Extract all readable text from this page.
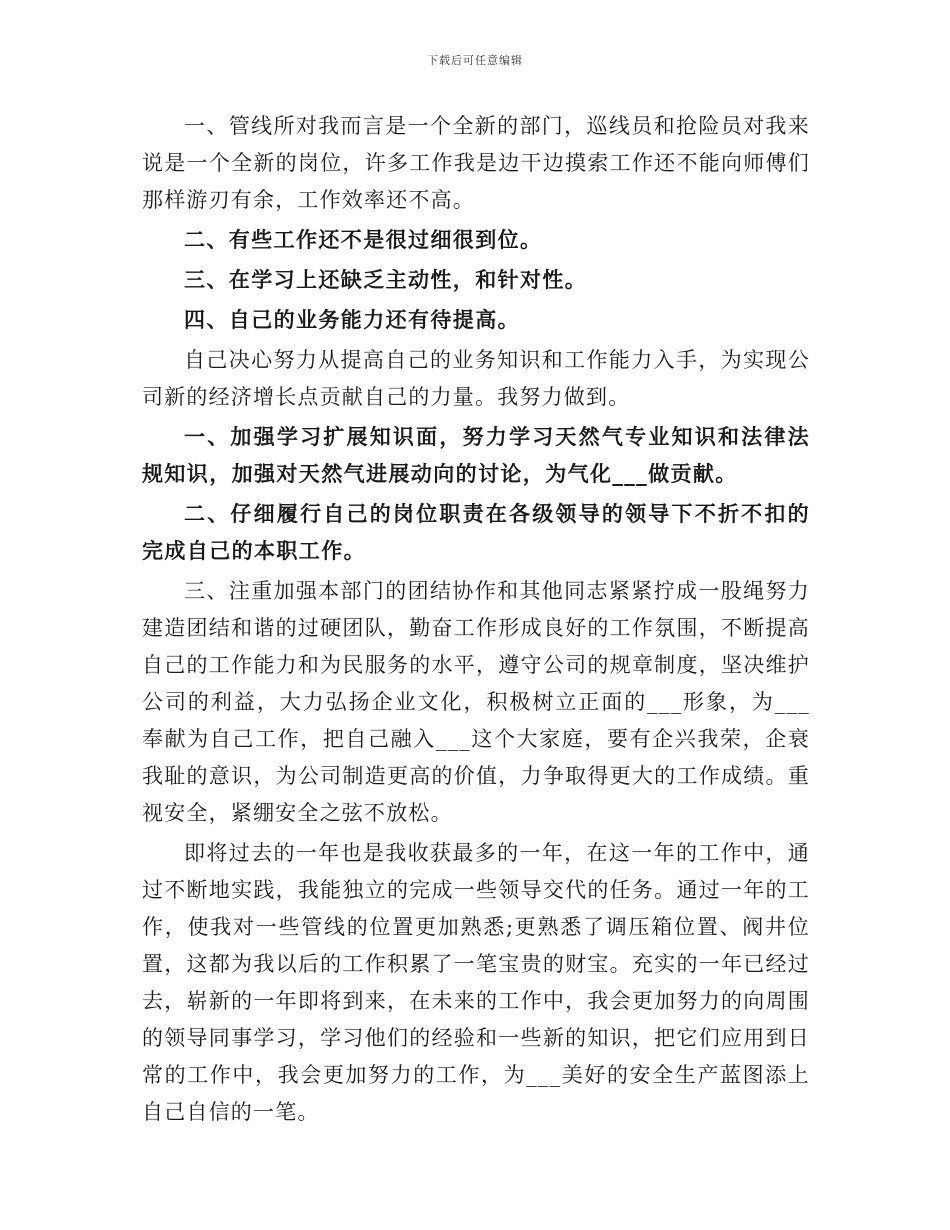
下载后可任意编辑

一、管线所对我而言是一个全新的部门，巡线员和抢险员对我来说是一个全新的岗位，许多工作我是边干边摸索工作还不能向师傅们那样游刃有余，工作效率还不高。

二、有些工作还不是很过细很到位。

三、在学习上还缺乏主动性，和针对性。

四、自己的业务能力还有待提高。

自己决心努力从提高自己的业务知识和工作能力入手，为实现公司新的经济增长点贡献自己的力量。我努力做到。

一、加强学习扩展知识面，努力学习天然气专业知识和法律法规知识，加强对天然气进展动向的讨论，为气化___做贡献。

二、仔细履行自己的岗位职责在各级领导的领导下不折不扣的完成自己的本职工作。

三、注重加强本部门的团结协作和其他同志紧紧拧成一股绳努力建造团结和谐的过硬团队，勤奋工作形成良好的工作氛围，不断提高自己的工作能力和为民服务的水平，遵守公司的规章制度，坚决维护公司的利益，大力弘扬企业文化，积极树立正面的___形象，为___奉献为自己工作，把自己融入___这个大家庭，要有企兴我荣，企衰我耻的意识，为公司制造更高的价值，力争取得更大的工作成绩。重视安全，紧绷安全之弦不放松。

即将过去的一年也是我收获最多的一年，在这一年的工作中，通过不断地实践，我能独立的完成一些领导交代的任务。通过一年的工作，使我对一些管线的位置更加熟悉;更熟悉了调压箱位置、阀井位置，这都为我以后的工作积累了一笔宝贵的财宝。充实的一年已经过去，崭新的一年即将到来，在未来的工作中，我会更加努力的向周围的领导同事学习，学习他们的经验和一些新的知识，把它们应用到日常的工作中，我会更加努力的工作，为___美好的安全生产蓝图添上自己自信的一笔。
